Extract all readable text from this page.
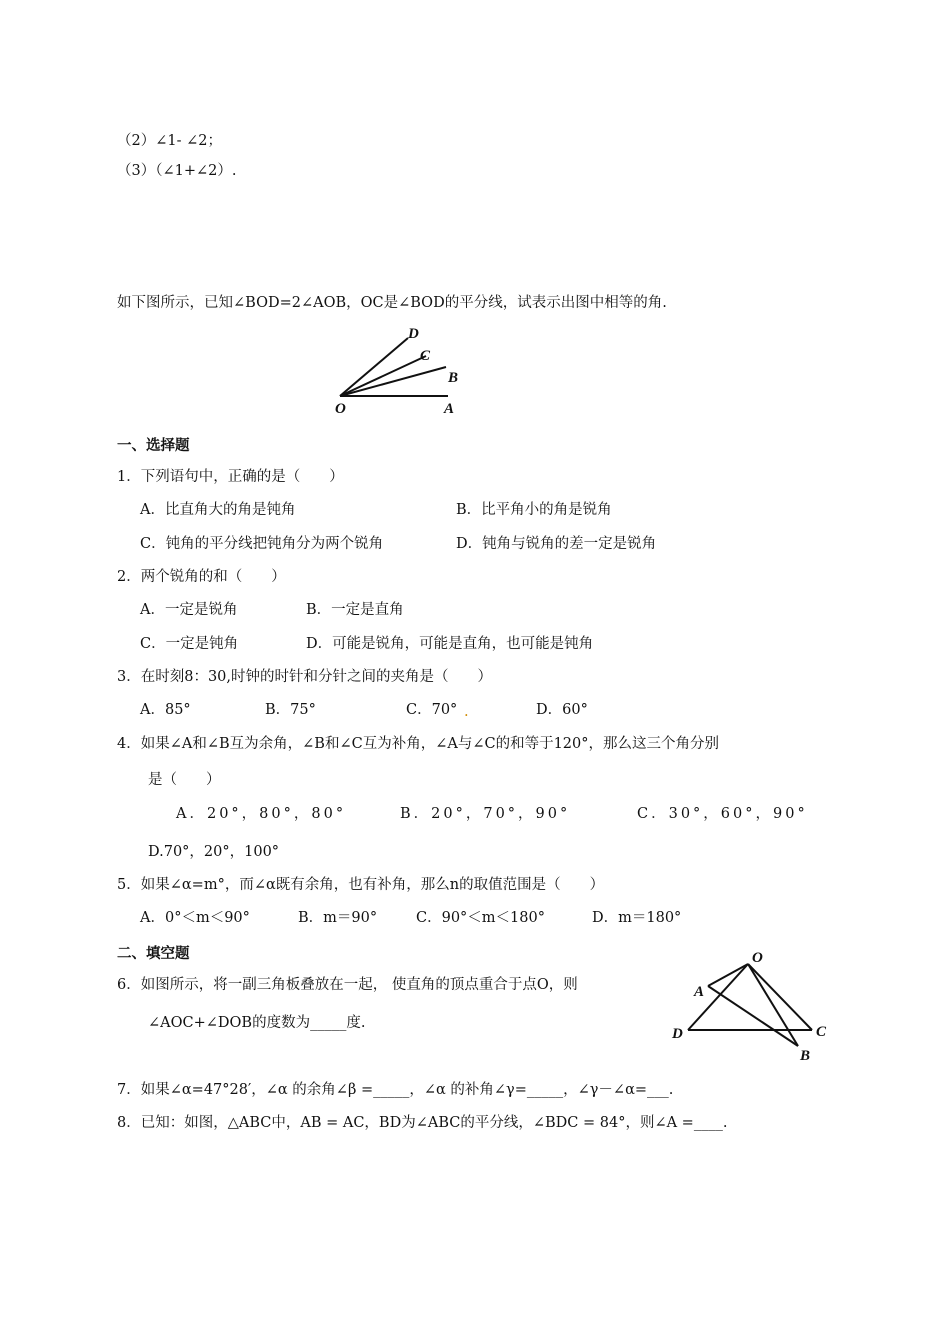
（2）∠1- ∠2；
（3）（∠1+∠2）.
如下图所示，已知∠BOD=2∠AOB，OC是∠BOD的平分线，试表示出图中相等的角.
D
C
B
O	A
一、选择题
1．下列语句中，正确的是（　　）
A．比直角大的角是钝角	B．比平角小的角是锐角
C．钝角的平分线把钝角分为两个锐角	D．钝角与锐角的差一定是锐角
2．两个锐角的和（　　）
A．一定是锐角	B．一定是直角
C．一定是钝角	D．可能是锐角，可能是直角，也可能是钝角
3．在时刻8：30,时钟的时针和分针之间的夹角是（　　）
A．85°	B．75°	C．70° .	D．60°
4．如果∠A和∠B互为余角，∠B和∠C互为补角，∠A与∠C的和等于120°，那么这三个角分别
是（　　）
A．20°，80°，80°	B．20°，70°，90°	C．30°，60°，90°
D.70°，20°，100°
5．如果∠α=m°，而∠α既有余角，也有补角，那么n的取值范围是（　　）
A．0°＜m＜90°	B．m＝90°	C．90°＜m＜180°	D．m＝180°
二、填空题
6．如图所示，将一副三角板叠放在一起， 使直角的顶点重合于点O，则
∠AOC+∠DOB的度数为_____度.
O
A
D	C
B
7．如果∠α=47°28′，∠α 的余角∠β =_____，∠α 的补角∠γ=_____，∠γ－∠α=___.
8．已知：如图，△ABC中，AB = AC，BD为∠ABC的平分线，∠BDC = 84°，则∠A =____.
